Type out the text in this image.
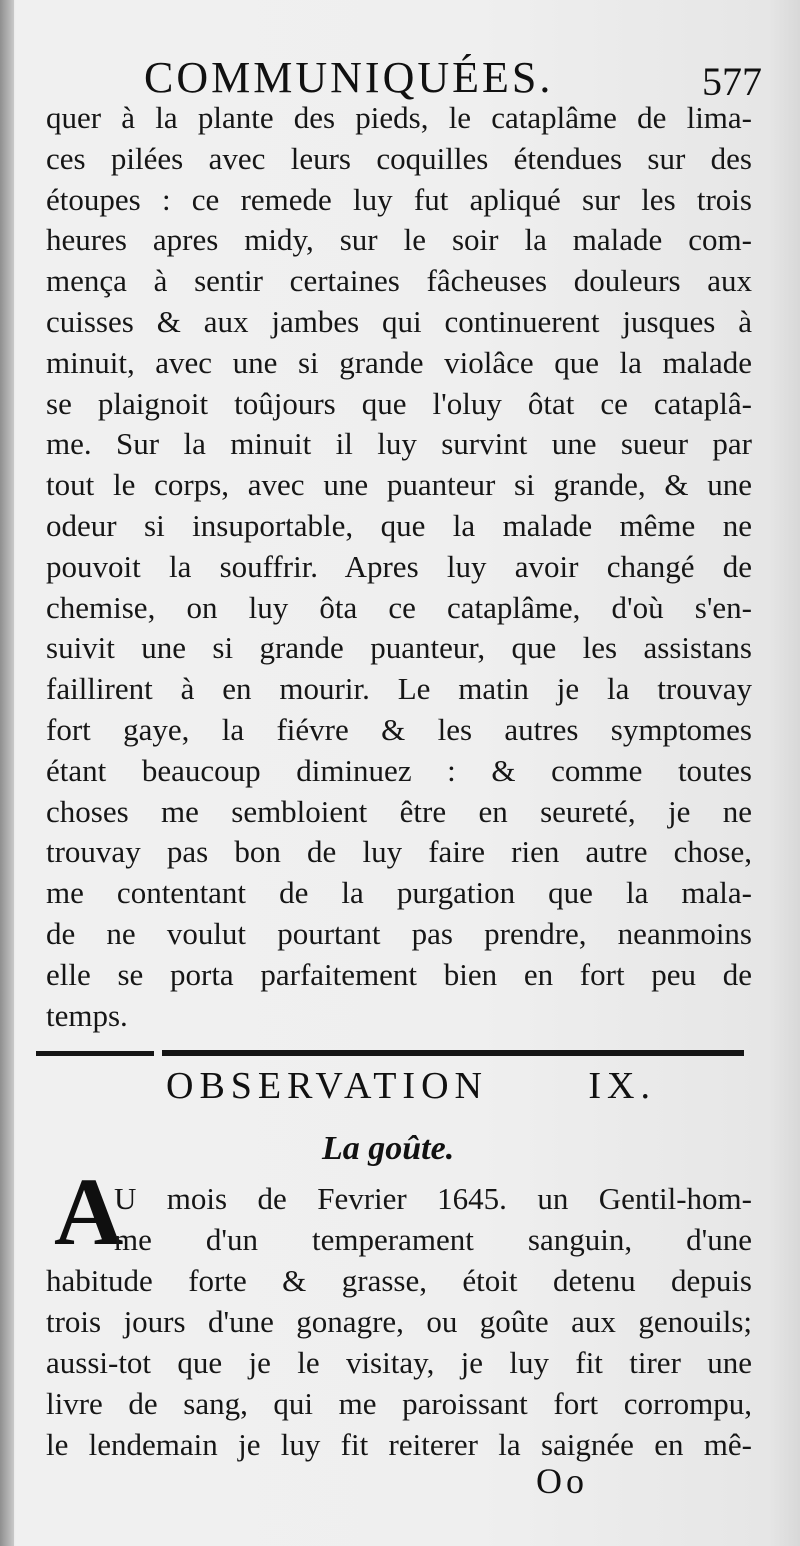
COMMUNIQUÉES.	577
quer à la plante des pieds, le cataplâme de lima-
ces pilées avec leurs coquilles étendues sur des
étoupes : ce remede luy fut apliqué sur les trois
heures apres midy, sur le soir la malade com-
mença à sentir certaines fâcheuses douleurs aux
cuisses & aux jambes qui continuerent jusques à
minuit, avec une si grande violâce que la malade
se plaignoit toûjours que l'oluy ôtat ce cataplâ-
me. Sur la minuit il luy survint une sueur par
tout le corps, avec une puanteur si grande, & une
odeur si insuportable, que la malade même ne
pouvoit la souffrir. Apres luy avoir changé de
chemise, on luy ôta ce cataplâme, d'où s'en-
suivit une si grande puanteur, que les assistans
faillirent à en mourir. Le matin je la trouvay
fort gaye, la fiévre & les autres symptomes
étant beaucoup diminuez : & comme toutes
choses me sembloient être en seureté, je ne
trouvay pas bon de luy faire rien autre chose,
me contentant de la purgation que la mala-
de ne voulut pourtant pas prendre, neanmoins
elle se porta parfaitement bien en fort peu de
temps.
OBSERVATION IX.
La goûte.
A
U mois de Fevrier 1645. un Gentil-hom-
me d'un temperament sanguin, d'une
habitude forte & grasse, étoit detenu depuis
trois jours d'une gonagre, ou goûte aux genouils;
aussi-tot que je le visitay, je luy fit tirer une
livre de sang, qui me paroissant fort corrompu,
le lendemain je luy fit reiterer la saignée en mê-
Oo
